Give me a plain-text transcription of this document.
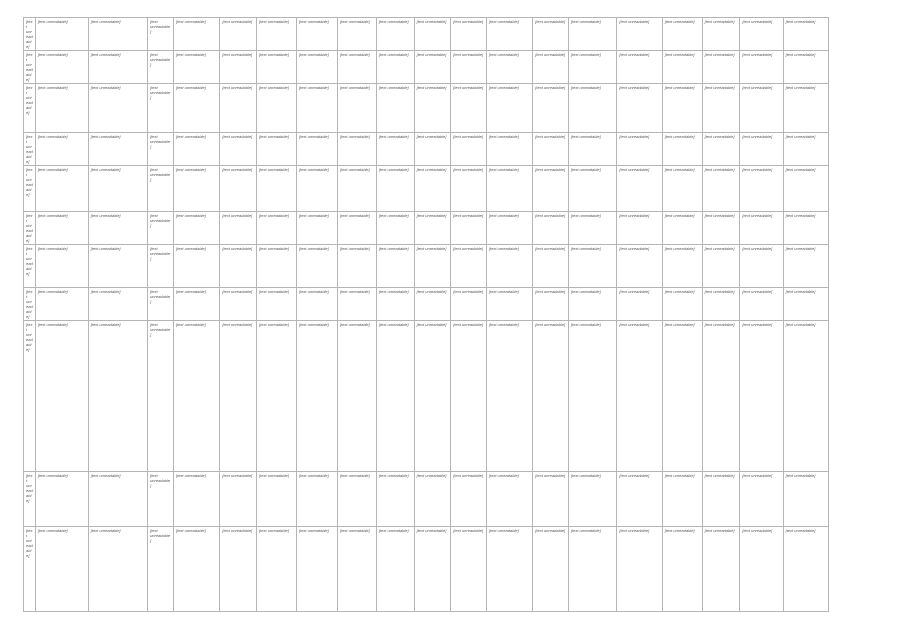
[text unreadable]	[text unreadable]	[text unreadable]	[text unreadable]	[text unreadable]	[text unreadable]	[text unreadable]	[text unreadable]	[text unreadable]	[text unreadable]	[text unreadable]	[text unreadable]	[text unreadable]	[text unreadable]	[text unreadable]	[text unreadable]	[text unreadable]	[text unreadable]	[text unreadable]	[text unreadable]
[text unreadable]	[text unreadable]	[text unreadable]	[text unreadable]	[text unreadable]	[text unreadable]	[text unreadable]	[text unreadable]	[text unreadable]	[text unreadable]	[text unreadable]	[text unreadable]	[text unreadable]	[text unreadable]	[text unreadable]	[text unreadable]	[text unreadable]	[text unreadable]	[text unreadable]	[text unreadable]
[text unreadable]	[text unreadable]	[text unreadable]	[text unreadable]	[text unreadable]	[text unreadable]	[text unreadable]	[text unreadable]	[text unreadable]	[text unreadable]	[text unreadable]	[text unreadable]	[text unreadable]	[text unreadable]	[text unreadable]	[text unreadable]	[text unreadable]	[text unreadable]	[text unreadable]	[text unreadable]
[text unreadable]	[text unreadable]	[text unreadable]	[text unreadable]	[text unreadable]	[text unreadable]	[text unreadable]	[text unreadable]	[text unreadable]	[text unreadable]	[text unreadable]	[text unreadable]	[text unreadable]	[text unreadable]	[text unreadable]	[text unreadable]	[text unreadable]	[text unreadable]	[text unreadable]	[text unreadable]
[text unreadable]	[text unreadable]	[text unreadable]	[text unreadable]	[text unreadable]	[text unreadable]	[text unreadable]	[text unreadable]	[text unreadable]	[text unreadable]	[text unreadable]	[text unreadable]	[text unreadable]	[text unreadable]	[text unreadable]	[text unreadable]	[text unreadable]	[text unreadable]	[text unreadable]	[text unreadable]
[text unreadable]	[text unreadable]	[text unreadable]	[text unreadable]	[text unreadable]	[text unreadable]	[text unreadable]	[text unreadable]	[text unreadable]	[text unreadable]	[text unreadable]	[text unreadable]	[text unreadable]	[text unreadable]	[text unreadable]	[text unreadable]	[text unreadable]	[text unreadable]	[text unreadable]	[text unreadable]
[text unreadable]	[text unreadable]	[text unreadable]	[text unreadable]	[text unreadable]	[text unreadable]	[text unreadable]	[text unreadable]	[text unreadable]	[text unreadable]	[text unreadable]	[text unreadable]	[text unreadable]	[text unreadable]	[text unreadable]	[text unreadable]	[text unreadable]	[text unreadable]	[text unreadable]	[text unreadable]
[text unreadable]	[text unreadable]	[text unreadable]	[text unreadable]	[text unreadable]	[text unreadable]	[text unreadable]	[text unreadable]	[text unreadable]	[text unreadable]	[text unreadable]	[text unreadable]	[text unreadable]	[text unreadable]	[text unreadable]	[text unreadable]	[text unreadable]	[text unreadable]	[text unreadable]	[text unreadable]
[text unreadable]	[text unreadable]	[text unreadable]	[text unreadable]	[text unreadable]	[text unreadable]	[text unreadable]	[text unreadable]	[text unreadable]	[text unreadable]	[text unreadable]	[text unreadable]	[text unreadable]	[text unreadable]	[text unreadable]	[text unreadable]	[text unreadable]	[text unreadable]	[text unreadable]	[text unreadable]
[text unreadable]	[text unreadable]	[text unreadable]	[text unreadable]	[text unreadable]	[text unreadable]	[text unreadable]	[text unreadable]	[text unreadable]	[text unreadable]	[text unreadable]	[text unreadable]	[text unreadable]	[text unreadable]	[text unreadable]	[text unreadable]	[text unreadable]	[text unreadable]	[text unreadable]	[text unreadable]
[text unreadable]	[text unreadable]	[text unreadable]	[text unreadable]	[text unreadable]	[text unreadable]	[text unreadable]	[text unreadable]	[text unreadable]	[text unreadable]	[text unreadable]	[text unreadable]	[text unreadable]	[text unreadable]	[text unreadable]	[text unreadable]	[text unreadable]	[text unreadable]	[text unreadable]	[text unreadable]
